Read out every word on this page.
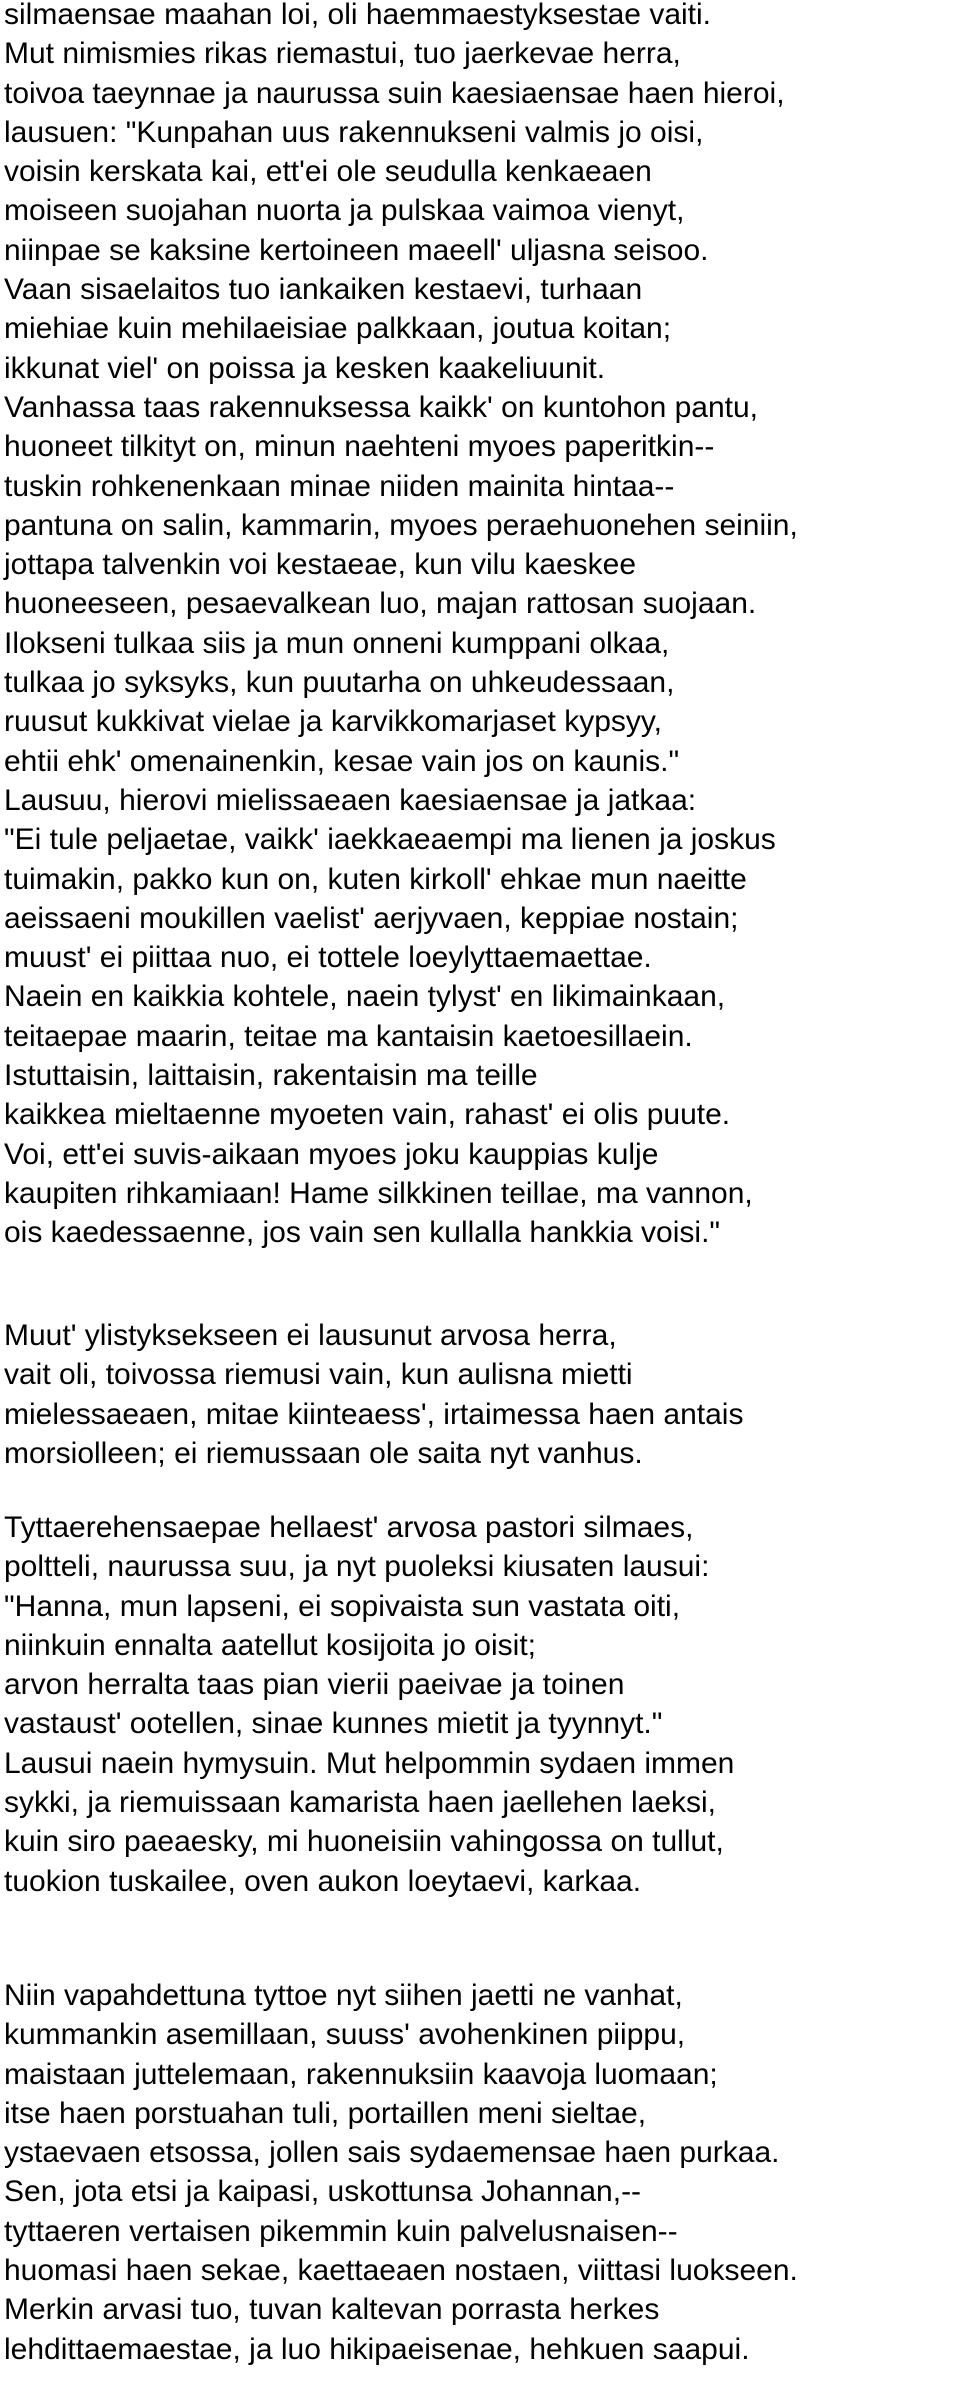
silmaensae maahan loi, oli haemmaestyksestae vaiti.
Mut nimismies rikas riemastui, tuo jaerkevae herra,
toivoa taeynnae ja naurussa suin kaesiaensae haen hieroi,
lausuen: "Kunpahan uus rakennukseni valmis jo oisi,
voisin kerskata kai, ett'ei ole seudulla kenkaeaen
moiseen suojahan nuorta ja pulskaa vaimoa vienyt,
niinpae se kaksine kertoineen maeell' uljasna seisoo.
Vaan sisaelaitos tuo iankaiken kestaevi, turhaan
miehiae kuin mehilaeisiae palkkaan, joutua koitan;
ikkunat viel' on poissa ja kesken kaakeliuunit.
Vanhassa taas rakennuksessa kaikk' on kuntohon pantu,
huoneet tilkityt on, minun naehteni myoes paperitkin--
tuskin rohkenenkaan minae niiden mainita hintaa--
pantuna on salin, kammarin, myoes peraehuonehen seiniin,
jottapa talvenkin voi kestaeae, kun vilu kaeskee
huoneeseen, pesaevalkean luo, majan rattosan suojaan.
Ilokseni tulkaa siis ja mun onneni kumppani olkaa,
tulkaa jo syksyks, kun puutarha on uhkeudessaan,
ruusut kukkivat vielae ja karvikkomarjaset kypsyy,
ehtii ehk' omenainenkin, kesae vain jos on kaunis."
Lausuu, hierovi mielissaeaen kaesiaensae ja jatkaa:
"Ei tule peljaetae, vaikk' iaekkaeaempi ma lienen ja joskus
tuimakin, pakko kun on, kuten kirkoll' ehkae mun naeitte
aeissaeni moukillen vaelist' aerjyvaen, keppiae nostain;
muust' ei piittaa nuo, ei tottele loeylyttaemaettae.
Naein en kaikkia kohtele, naein tylyst' en likimainkaan,
teitaepae maarin, teitae ma kantaisin kaetoesillaein.
Istuttaisin, laittaisin, rakentaisin ma teille
kaikkea mieltaenne myoeten vain, rahast' ei olis puute.
Voi, ett'ei suvis-aikaan myoes joku kauppias kulje
kaupiten rihkamiaan! Hame silkkinen teillae, ma vannon,
ois kaedessaenne, jos vain sen kullalla hankkia voisi."
Muut' ylistyksekseen ei lausunut arvosa herra,
vait oli, toivossa riemusi vain, kun aulisna mietti
mielessaeaen, mitae kiinteaess', irtaimessa haen antais
morsiolleen; ei riemussaan ole saita nyt vanhus.
Tyttaerehensaepae hellaest' arvosa pastori silmaes,
poltteli, naurussa suu, ja nyt puoleksi kiusaten lausui:
"Hanna, mun lapseni, ei sopivaista sun vastata oiti,
niinkuin ennalta aatellut kosijoita jo oisit;
arvon herralta taas pian vierii paeivae ja toinen
vastaust' ootellen, sinae kunnes mietit ja tyynnyt."
Lausui naein hymysuin. Mut helpommin sydaen immen
sykki, ja riemuissaan kamarista haen jaellehen laeksi,
kuin siro paeaesky, mi huoneisiin vahingossa on tullut,
tuokion tuskailee, oven aukon loeytaevi, karkaa.
Niin vapahdettuna tyttoe nyt siihen jaetti ne vanhat,
kummankin asemillaan, suuss' avohenkinen piippu,
maistaan juttelemaan, rakennuksiin kaavoja luomaan;
itse haen porstuahan tuli, portaillen meni sieltae,
ystaevaen etsossa, jollen sais sydaemensae haen purkaa.
Sen, jota etsi ja kaipasi, uskottunsa Johannan,--
tyttaeren vertaisen pikemmin kuin palvelusnaisen--
huomasi haen sekae, kaettaeaen nostaen, viittasi luokseen.
Merkin arvasi tuo, tuvan kaltevan porrasta herkes
lehdittaemaestae, ja luo hikipaeisenae, hehkuen saapui.
